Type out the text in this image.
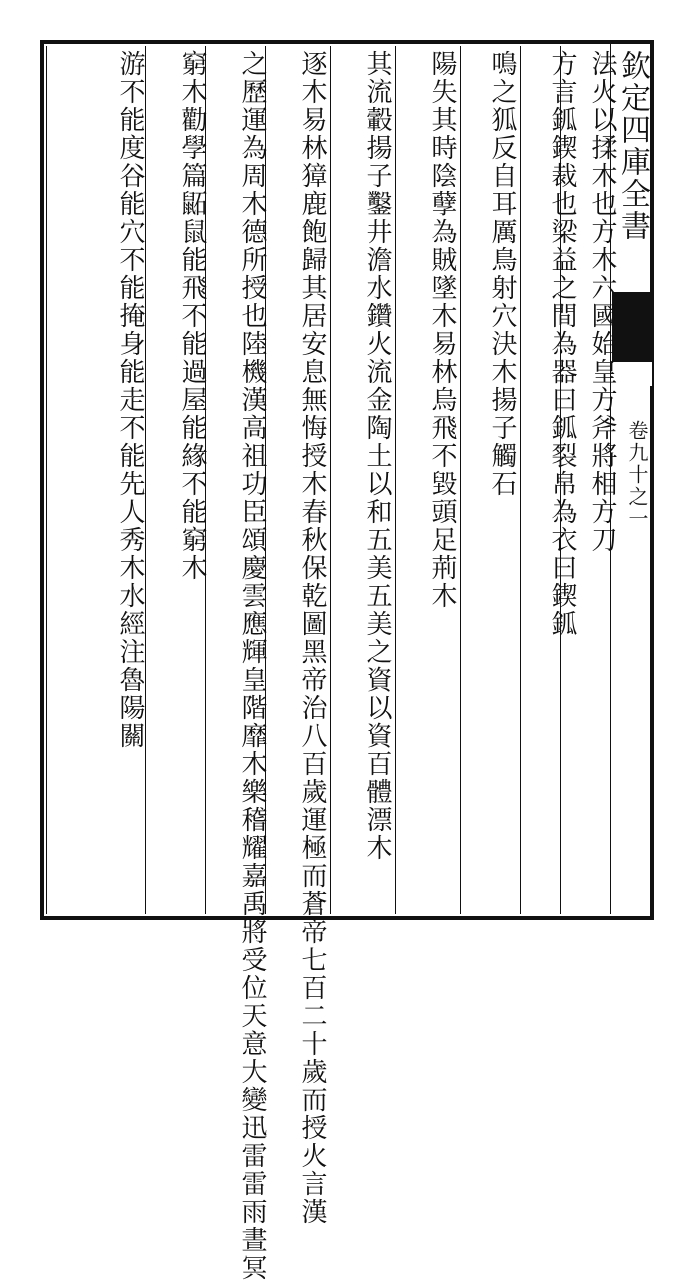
欽定四庫全書
卷九十之一
法火以揉木也方木六國始皇方斧將相方刀
方言鈲鍥裁也梁益之間為器曰鈲裂帛為衣曰鍥鈲
鳴之狐反自耳厲鳥射穴決木揚子觸石
陽失其時陰孽為賊墜木易林烏飛不毀頭足荊木
其流轂揚子鑿井澹水鑽火流金陶土以和五美五美之資以資百體漂木
逐木易林獐鹿飽歸其居安息無悔授木春秋保乾圖黑帝治八百歲運極而蒼帝七百二十歲而授火言漢
之歷運為周木德所授也陸機漢高祖功臣頌慶雲應輝皇階靡木樂稽耀嘉禹將受位天意大變迅雷雷雨晝冥
窮木勸學篇鼫鼠能飛不能過屋能緣不能窮木
游不能度谷能穴不能掩身能走不能先人秀木水經注魯陽關
